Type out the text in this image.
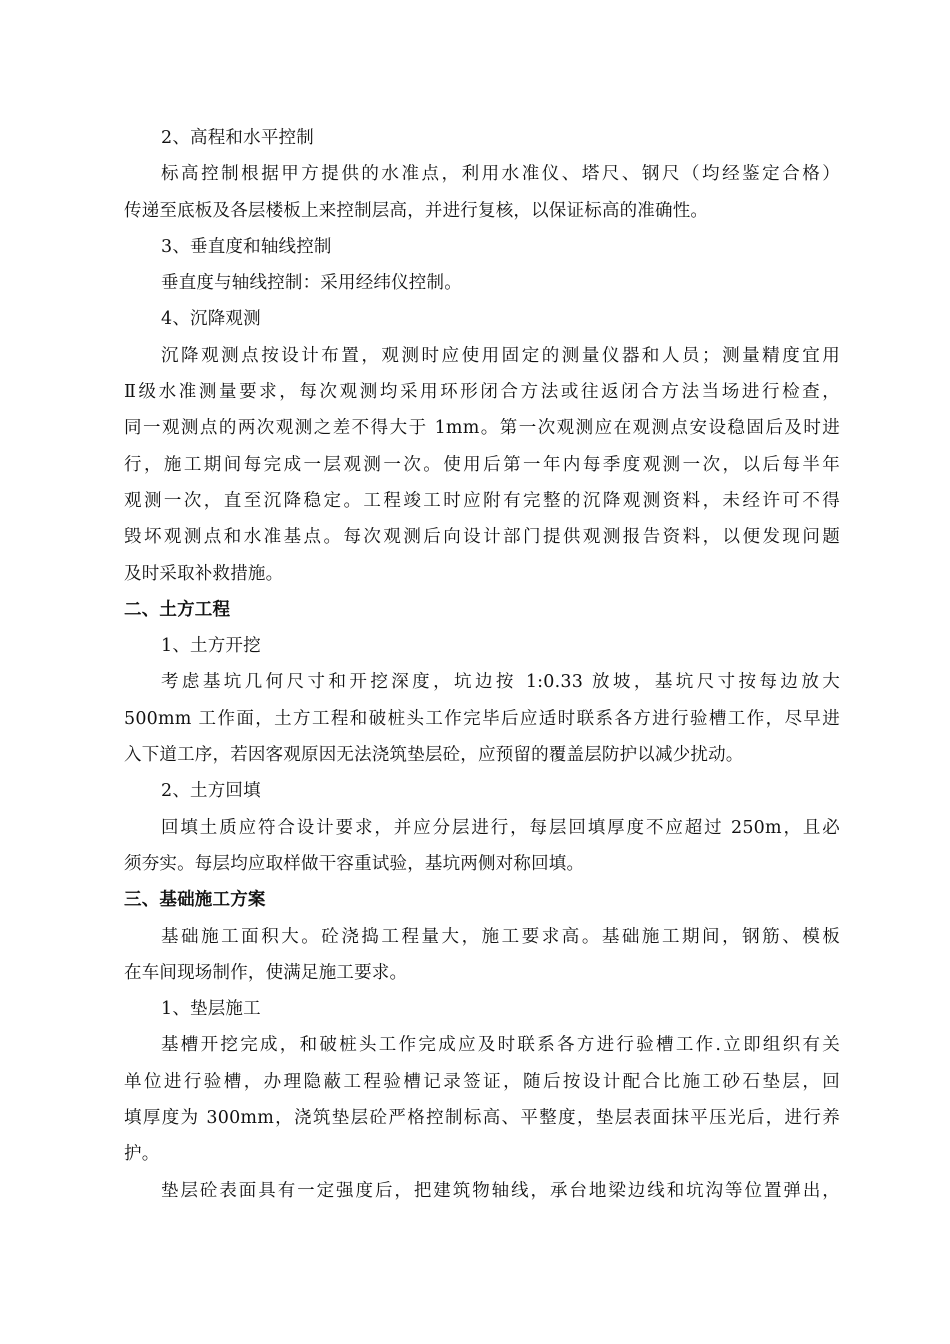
2、高程和水平控制
标高控制根据甲方提供的水准点，利用水准仪、塔尺、钢尺（均经鉴定合格）
传递至底板及各层楼板上来控制层高，并进行复核，以保证标高的准确性。
3、垂直度和轴线控制
垂直度与轴线控制：采用经纬仪控制。
4、沉降观测
沉降观测点按设计布置，观测时应使用固定的测量仪器和人员；测量精度宜用
Ⅱ级水准测量要求，每次观测均采用环形闭合方法或往返闭合方法当场进行检查，
同一观测点的两次观测之差不得大于 1mm。第一次观测应在观测点安设稳固后及时进
行，施工期间每完成一层观测一次。使用后第一年内每季度观测一次，以后每半年
观测一次，直至沉降稳定。工程竣工时应附有完整的沉降观测资料，未经许可不得
毁坏观测点和水准基点。每次观测后向设计部门提供观测报告资料，以便发现问题
及时采取补救措施。
二、土方工程
1、土方开挖
考虑基坑几何尺寸和开挖深度，坑边按 1:0.33 放坡，基坑尺寸按每边放大
500mm 工作面，土方工程和破桩头工作完毕后应适时联系各方进行验槽工作，尽早进
入下道工序，若因客观原因无法浇筑垫层砼，应预留的覆盖层防护以减少扰动。
2、土方回填
回填土质应符合设计要求，并应分层进行，每层回填厚度不应超过 250m，且必
须夯实。每层均应取样做干容重试验，基坑两侧对称回填。
三、基础施工方案
基础施工面积大。砼浇捣工程量大，施工要求高。基础施工期间，钢筋、模板
在车间现场制作，使满足施工要求。
1、垫层施工
基槽开挖完成，和破桩头工作完成应及时联系各方进行验槽工作.立即组织有关
单位进行验槽，办理隐蔽工程验槽记录签证，随后按设计配合比施工砂石垫层，回
填厚度为 300mm，浇筑垫层砼严格控制标高、平整度，垫层表面抹平压光后，进行养
护。
垫层砼表面具有一定强度后，把建筑物轴线，承台地梁边线和坑沟等位置弹出，
